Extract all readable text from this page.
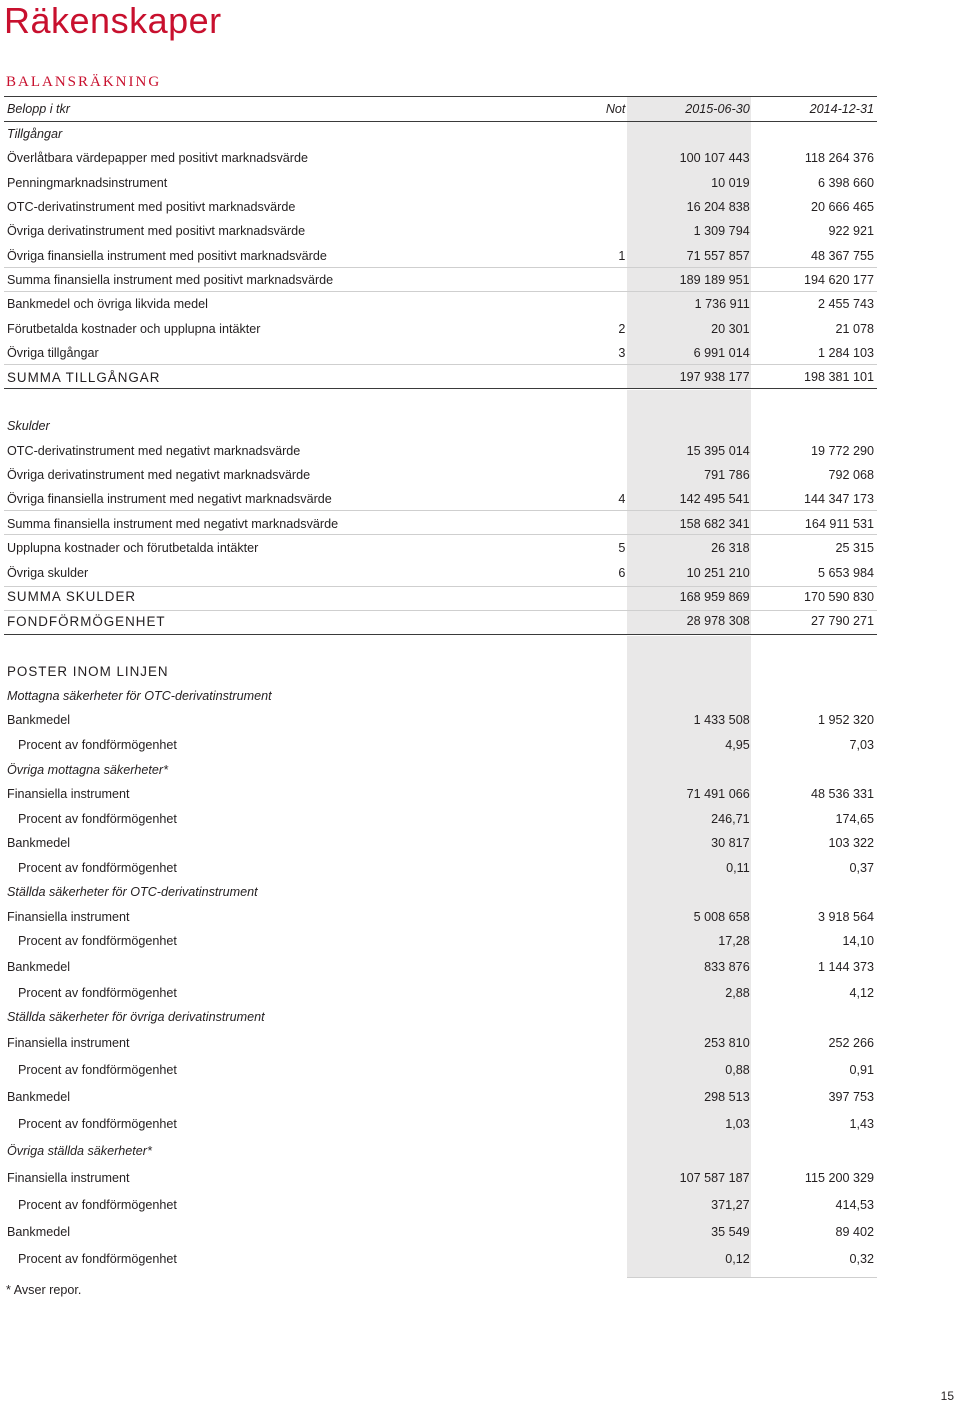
Räkenskaper
BALANSRÄKNING
Belopp i tkr	Not	2015-06-30	2014-12-31
Tillgångar			
Överlåtbara värdepapper med positivt marknadsvärde		100 107 443	118 264 376
Penningmarknadsinstrument		10 019	6 398 660
OTC-derivatinstrument med positivt marknadsvärde		16 204 838	20 666 465
Övriga derivatinstrument med positivt marknadsvärde		1 309 794	922 921
Övriga finansiella instrument med positivt marknadsvärde	1	71 557 857	48 367 755
Summa finansiella instrument med positivt marknadsvärde		189 189 951	194 620 177
Bankmedel och övriga likvida medel		1 736 911	2 455 743
Förutbetalda kostnader och upplupna intäkter	2	20 301	21 078
Övriga tillgångar	3	6 991 014	1 284 103
SUMMA TILLGÅNGAR		197 938 177	198 381 101
Skulder			
OTC-derivatinstrument med negativt marknadsvärde		15 395 014	19 772 290
Övriga derivatinstrument med negativt marknadsvärde		791 786	792 068
Övriga finansiella instrument med negativt marknadsvärde	4	142 495 541	144 347 173
Summa finansiella instrument med negativt marknadsvärde		158 682 341	164 911 531
Upplupna kostnader och förutbetalda intäkter	5	26 318	25 315
Övriga skulder	6	10 251 210	5 653 984
SUMMA SKULDER		168 959 869	170 590 830
FONDFÖRMÖGENHET		28 978 308	27 790 271
POSTER INOM LINJEN			
Mottagna säkerheter för OTC-derivatinstrument			
Bankmedel		1 433 508	1 952 320
Procent av fondförmögenhet		4,95	7,03
Övriga mottagna säkerheter*			
Finansiella instrument		71 491 066	48 536 331
Procent av fondförmögenhet		246,71	174,65
Bankmedel		30 817	103 322
Procent av fondförmögenhet		0,11	0,37
Ställda säkerheter för OTC-derivatinstrument			
Finansiella instrument		5 008 658	3 918 564
Procent av fondförmögenhet		17,28	14,10
Bankmedel		833 876	1 144 373
Procent av fondförmögenhet		2,88	4,12
Ställda säkerheter för övriga derivatinstrument			
Finansiella instrument		253 810	252 266
Procent av fondförmögenhet		0,88	0,91
Bankmedel		298 513	397 753
Procent av fondförmögenhet		1,03	1,43
Övriga ställda säkerheter*			
Finansiella instrument		107 587 187	115 200 329
Procent av fondförmögenhet		371,27	414,53
Bankmedel		35 549	89 402
Procent av fondförmögenhet		0,12	0,32
* Avser repor.
15
